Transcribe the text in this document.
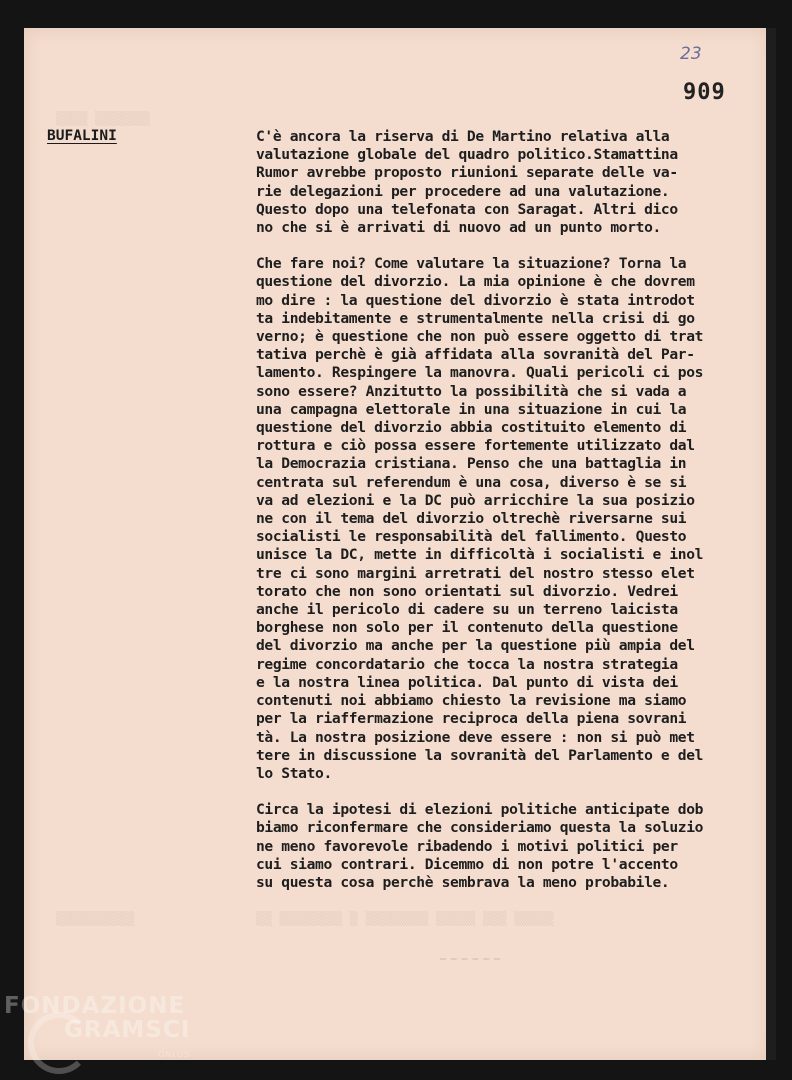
▒▒▒▒ ▒▒▒▒▒▒▒
▒▒▒▒▒▒▒▒▒▒	▒▒ ▒▒▒▒▒▒▒▒ ▒ ▒▒▒▒▒▒▒▒ ▒▒▒▒▒ ▒▒▒ ▒▒▒▒▒
23
909
BUFALINI	C'è ancora la riserva di De Martino relativa alla
valutazione globale del quadro politico.Stamattina
Rumor avrebbe proposto riunioni separate delle va-
rie delegazioni per procedere ad una valutazione.
Questo dopo una telefonata con Saragat. Altri dico
no che si è arrivati di nuovo ad un punto morto.

Che fare noi? Come valutare la situazione? Torna la
questione del divorzio. La mia opinione è che dovrem
mo dire : la questione del divorzio è stata introdot
ta indebitamente e strumentalmente nella crisi di go
verno; è questione che non può essere oggetto di trat
tativa perchè è già affidata alla sovranità del Par-
lamento. Respingere la manovra. Quali pericoli ci pos
sono essere? Anzitutto la possibilità che si vada a
una campagna elettorale in una situazione in cui la
questione del divorzio abbia costituito elemento di
rottura e ciò possa essere fortemente utilizzato dal
la Democrazia cristiana. Penso che una battaglia in
centrata sul referendum è una cosa, diverso è se si
va ad elezioni e la DC può arricchire la sua posizio
ne con il tema del divorzio oltrechè riversarne sui
socialisti le responsabilità del fallimento. Questo
unisce la DC, mette in difficoltà i socialisti e inol
tre ci sono margini arretrati del nostro stesso elet
torato che non sono orientati sul divorzio. Vedrei
anche il pericolo di cadere su un terreno laicista
borghese non solo per il contenuto della questione
del divorzio ma anche per la questione più ampia del
regime concordatario che tocca la nostra strategia
e la nostra linea politica. Dal punto di vista dei
contenuti noi abbiamo chiesto la revisione ma siamo
per la riaffermazione reciproca della piena sovrani
tà. La nostra posizione deve essere : non si può met
tere in discussione la sovranità del Parlamento e del
lo Stato.

Circa la ipotesi di elezioni politiche anticipate dob
biamo riconfermare che consideriamo questa la soluzio
ne meno favorevole ribadendo i motivi politici per
cui siamo contrari. Dicemmo di non potre l'accento
su questa cosa perchè sembrava la meno probabile.

FONDAZIONE
GRAMSCI
ONLUS
